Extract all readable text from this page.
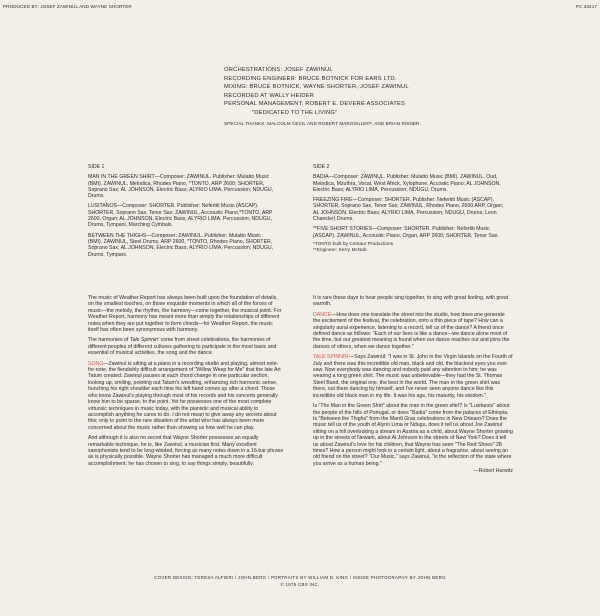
PRODUCED BY: JOSEF ZAWINUL AND WAYNE SHORTER	PC 33417
ORCHESTRATIONS: JOSEF ZAWINUL
RECORDING ENGINEER: BRUCE BOTNICK FOR EARS LTD.
MIXING: BRUCE BOTNICK, WAYNE SHORTER, JOSEF ZAWINUL
RECORDED AT WALLY HEIDER
PERSONAL MANAGEMENT: ROBERT E. DEVERE ASSOCIATES
"DEDICATED TO THE LIVING"
SPECIAL THANKS: MALCOLM CECIL AND ROBERT MARGOULEFF, AND BRIAN RISNER.

SIDE 1

MAN IN THE GREEN SHIRT—Composer: ZAWINUL. Publisher: Mulatto Music (BMI). ZAWINUL, Melodica, Rhodes Piano, *TONTO, ARP 2600; SHORTER, Soprano Sax; AL JOHNSON, Electric Bass; ALYRIO LIMA, Percussion; NDUGU, Drums.

LUSITANOS—Composer: SHORTER. Publisher: Nefertiti Music (ASCAP). SHORTER, Soprano Sax, Tenor Sax; ZAWINUL, Accoustic Piano,*TONTO, ARP 2600, Organ; AL JOHNSON, Electric Bass; ALYRIO LIMA, Percussion; NDUGU, Drums, Tympani, Marching Cymbals.

BETWEEN THE THIGHS—Composer: ZAWINUL. Publisher: Mulatto Music (BMI). ZAWINUL, Steel Drums, ARP 2600, *TONTO, Rhodes Piano, SHORTER, Soprano Sax; AL JOHNSON, Electric Bass; ALYRIO LIMA, Percussion; NDUGU, Drums, Tympani.

SIDE 2

BADIA—Composer: ZAWINUL. Publisher: Mulatto Music (BMI). ZAWINUL, Oud, Melodica, Mzuthra, Vocal, West Africk, Xylophone, Accostic Piano; AL JOHNSON, Electric Bass; ALYRIO LIMA, Percussion; NDUGU, Drums.

FREEZING FIRE—Composer: SHORTER. Publisher: Nefertiti Music (ASCAP). SHORTER, Soprano Sax, Tenor Sax; ZAWINUL, Rhodes Piano, 2600 ARP, Organ; AL JOHNSON, Electric Bass; ALYRIO LIMA, Percussion; NDUGU, Drums, Leon Chancler) Drums.

**FIVE SHORT STORIES—Composer: SHORTER. Publisher: Nefertiti Music (ASCAP). ZAWINUL, Accoustic Piano, Organ, ARP 2600; SHORTER, Tenor Sax.

*TONTO built by Centaur Productions
**Engineer: Kerry McNab

The music of Weather Report has always been built upon the foundation of details, on the smallest touches, on those exquisite moments in which all of the forces of music—the melody, the rhythm, the harmony—come together, the musical point. For Weather Report, harmony has meant more than simply the relationships of different notes when they are put together to form chords—for Weather Report, the music itself has often been synonymous with harmony.

The harmonies of Tale Spinnin' come from street celebrations, the harmonies of different peoples of different cultures gathering to participate in the most basic and essential of musical activities, the song and the dance.

SONG—Zawinul is sitting at a piano in a recording studio and playing, almost note-for-note, the fiendishly difficult arrangement of "Willow Weep for Me" that the late Art Tatum created. Zawinul pauses at each chord change in one particular section, looking up, smiling, pointing out Tatum's wrestling, enhancing rich harmonic sense, hunching his right shoulder each time his left hand comes up after a chord. Those who know Zawinul's playing through most of his records and his concerts generally know him to be sparse, to the point. Yet he possesses one of the most complete virtuosic techniques in music today, with the pianistic and musical ability to accomplish anything he cares to do. I do not mean to give away any secrets about this; only to point to the rare situation of the artist who has always been more concerned about the music rather than showing us how well he can play.

And although it is also no secret that Wayne Shorter possesses an equally remarkable technique, he is, like Zawinul, a musician first. Many excellent saxophonists tend to be long-winded, forcing as many notes down in a 16-bar phrase as is physically possible. Wayne Shorter has managed a much more difficult accomplishment: he has chosen to sing, to say things simply, beautifully.

It is rare these days to hear people sing together, to sing with great feeling, with great warmth.

DANCE—How does one translate the street into the studio, how does one generate the excitement of the festival, the celebration, onto a thin piece of tape? How can a singularly aural experience, listening to a record, tell us of the dance? A friend once defined dance as follows: "Each of our lives is like a dance—we dance alone most of the time, but our greatest meaning is found when our dance reaches out and joins the dances of others, when we dance together."

TALE SPINNIN'—Says Zawinul: "I was in St. John in the Virgin Islands on the Fourth of July and there was this incredible old man, black and old, the blackest eyes you ever saw. Now everybody was dancing and nobody paid any attention to him; he was wearing a long green shirt. The music was unbelievable—they had the St. Thomas Steel Band, the original one, the best in the world. The man in the green shirt was there, out there dancing by himself, and I've never seen anyone dance like this incredible old black man in my life. It was his age, his maturity, his wisdom."

Is "The Man in the Green Shirt" about the man in the green shirt? Is "Lusitanos" about the people of the hills of Portugal, or does "Badia" come from the palaces of Ethiopia. Is "Between the Thighs" from the Mardi Gras celebrations in New Orleans? Does the music tell us of the youth of Alyrio Lima or Ndugu, does it tell us about Joe Zawinul sitting on a hill overlooking a stream in Austria as a child, about Wayne Shorter growing up in the streets of Newark, about Al Johnson in the streets of New York? Does it tell us about Zawinul's love for his children, that Wayne has seen "The Red Shoes" 28 times? How a person might look in a certain light, about a fragrance, about seeing an old friend on the street? "Our Music," says Zawinul, "is the reflection of the state where you arrive as a human being."

—Robert Hurwitz
COVER DESIGN: TERESA ALFIERI / JOHN BERG / PORTRAITS BY WILLIAM D. KING / INSIDE PHOTOGRAPHY BY JOHN BERG
© 1975 CBS INC.
